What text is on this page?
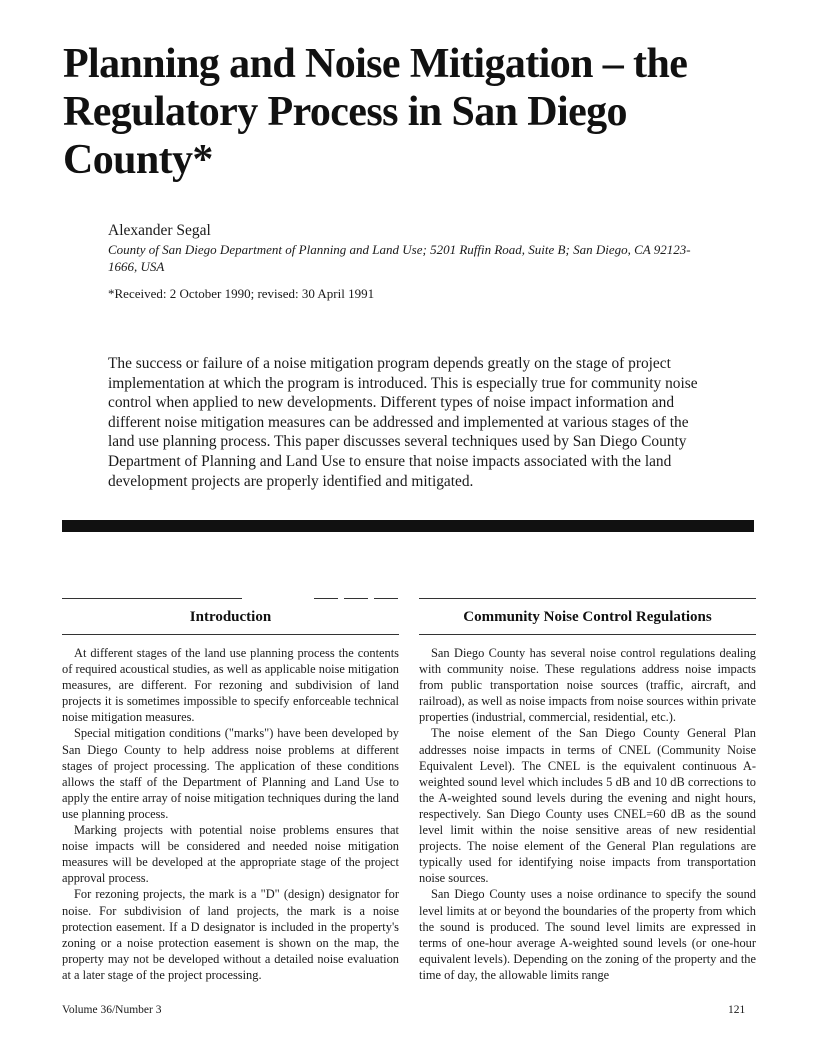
Planning and Noise Mitigation – the Regulatory Process in San Diego County*

Alexander Segal

County of San Diego Department of Planning and Land Use; 5201 Ruffin Road, Suite B; San Diego, CA 92123-1666, USA

*Received: 2 October 1990; revised: 30 April 1991

The success or failure of a noise mitigation program depends greatly on the stage of project implementation at which the program is introduced. This is especially true for community noise control when applied to new developments. Different types of noise impact information and different noise mitigation measures can be addressed and implemented at various stages of the land use planning process. This paper discusses several techniques used by San Diego County Department of Planning and Land Use to ensure that noise impacts associated with the land development projects are properly identified and mitigated.

Introduction

At different stages of the land use planning process the contents of required acoustical studies, as well as applicable noise mitigation measures, are different. For rezoning and subdivision of land projects it is sometimes impossible to specify enforceable technical noise mitigation measures.

Special mitigation conditions ("marks") have been developed by San Diego County to help address noise problems at different stages of project processing. The application of these conditions allows the staff of the Department of Planning and Land Use to apply the entire array of noise mitigation techniques during the land use planning process.

Marking projects with potential noise problems ensures that noise impacts will be considered and needed noise mitigation measures will be developed at the appropriate stage of the project approval process.

For rezoning projects, the mark is a "D" (design) designator for noise. For subdivision of land projects, the mark is a noise protection easement. If a D designator is included in the property's zoning or a noise protection easement is shown on the map, the property may not be developed without a detailed noise evaluation at a later stage of the project processing.

Community Noise Control Regulations

San Diego County has several noise control regulations dealing with community noise. These regulations address noise impacts from public transportation noise sources (traffic, aircraft, and railroad), as well as noise impacts from noise sources within private properties (industrial, commercial, residential, etc.).

The noise element of the San Diego County General Plan addresses noise impacts in terms of CNEL (Community Noise Equivalent Level). The CNEL is the equivalent continuous A-weighted sound level which includes 5 dB and 10 dB corrections to the A-weighted sound levels during the evening and night hours, respectively. San Diego County uses CNEL=60 dB as the sound level limit within the noise sensitive areas of new residential projects. The noise element of the General Plan regulations are typically used for identifying noise impacts from transportation noise sources.

San Diego County uses a noise ordinance to specify the sound level limits at or beyond the boundaries of the property from which the sound is produced. The sound level limits are expressed in terms of one-hour average A-weighted sound levels (or one-hour equivalent levels). Depending on the zoning of the property and the time of day, the allowable limits range

Volume 36/Number 3	121
